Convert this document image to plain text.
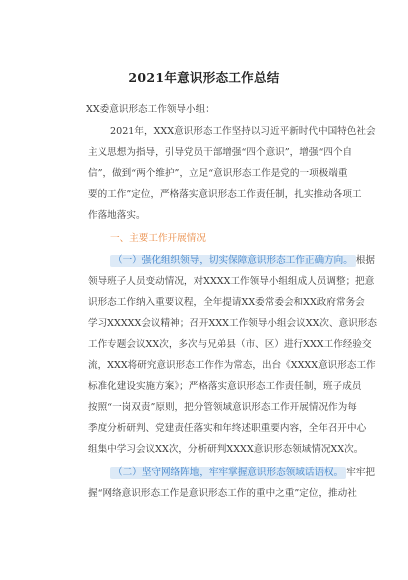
2021年意识形态工作总结
XX委意识形态工作领导小组：
2021年，XXX意识形态工作坚持以习近平新时代中国特色社会
主义思想为指导，引导党员干部增强“四个意识”，增强“四个自
信”，做到“两个维护”，立足“意识形态工作是党的一项极端重
要的工作”定位，严格落实意识形态工作责任制，扎实推动各项工
作落地落实。
一、主要工作开展情况
（一）强化组织领导，切实保障意识形态工作正确方向。 根据
领导班子人员变动情况，对XXXX工作领导小组组成人员调整；把意
识形态工作纳入重要议程，全年提请XX委常委会和XX政府常务会
学习XXXXX会议精神；召开XXX工作领导小组会议XX次、意识形态
工作专题会议XX次，多次与兄弟县（市、区）进行XXX工作经验交
流，XXX将研究意识形态工作作为常态，出台《XXXX意识形态工作
标准化建设实施方案》；严格落实意识形态工作责任制，班子成员
按照“一岗双责”原则，把分管领域意识形态工作开展情况作为每
季度分析研判、党建责任落实和年终述职重要内容，全年召开中心
组集中学习会议XX次，分析研判XXXX意识形态领域情况XX次。
（二）坚守网络阵地，牢牢掌握意识形态领域话语权。 牢牢把
握“网络意识形态工作是意识形态工作的重中之重”定位，推动社
